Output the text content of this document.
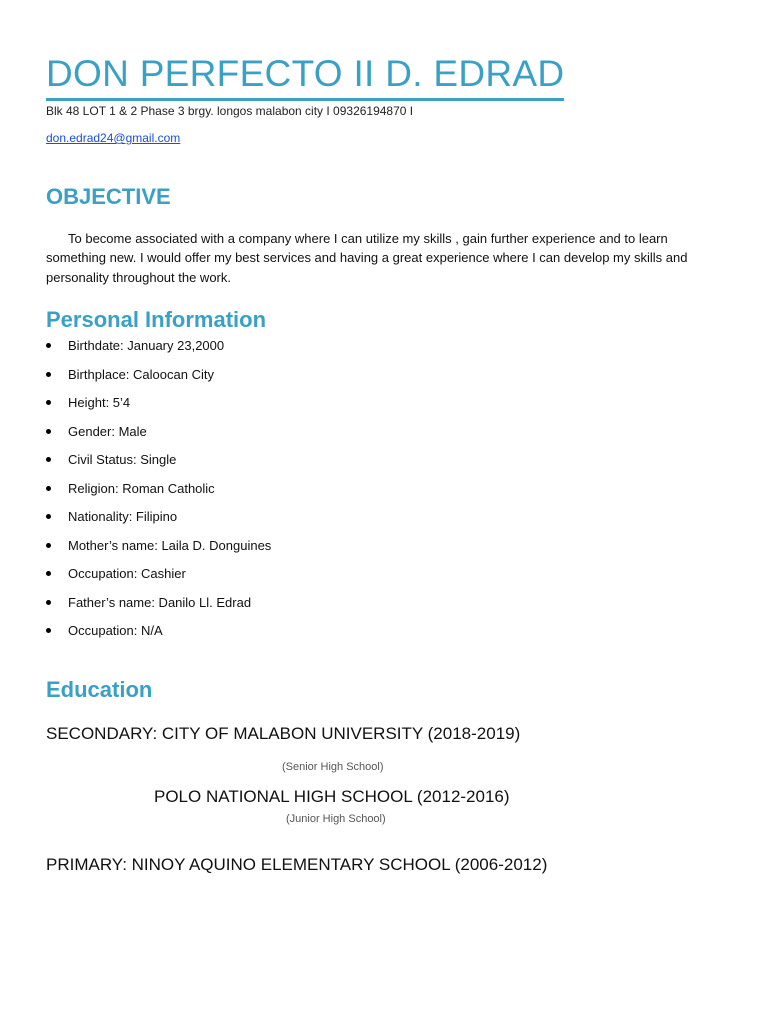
DON PERFECTO II D. EDRAD
Blk 48 LOT 1 & 2 Phase 3 brgy. longos malabon city I 09326194870 I
don.edrad24@gmail.com
OBJECTIVE
To become associated with a company where I can utilize my skills , gain further experience and to learn something new. I would offer my best services and having a great experience where I can develop my skills and personality throughout the work.
Personal Information
Birthdate: January 23,2000
Birthplace: Caloocan City
Height: 5’4
Gender: Male
Civil Status: Single
Religion: Roman Catholic
Nationality: Filipino
Mother’s name: Laila D. Donguines
Occupation: Cashier
Father’s name: Danilo Ll. Edrad
Occupation: N/A
Education
SECONDARY: CITY OF MALABON UNIVERSITY (2018-2019)
(Senior High School)
POLO NATIONAL HIGH SCHOOL (2012-2016)
(Junior High School)
PRIMARY: NINOY AQUINO ELEMENTARY SCHOOL (2006-2012)
